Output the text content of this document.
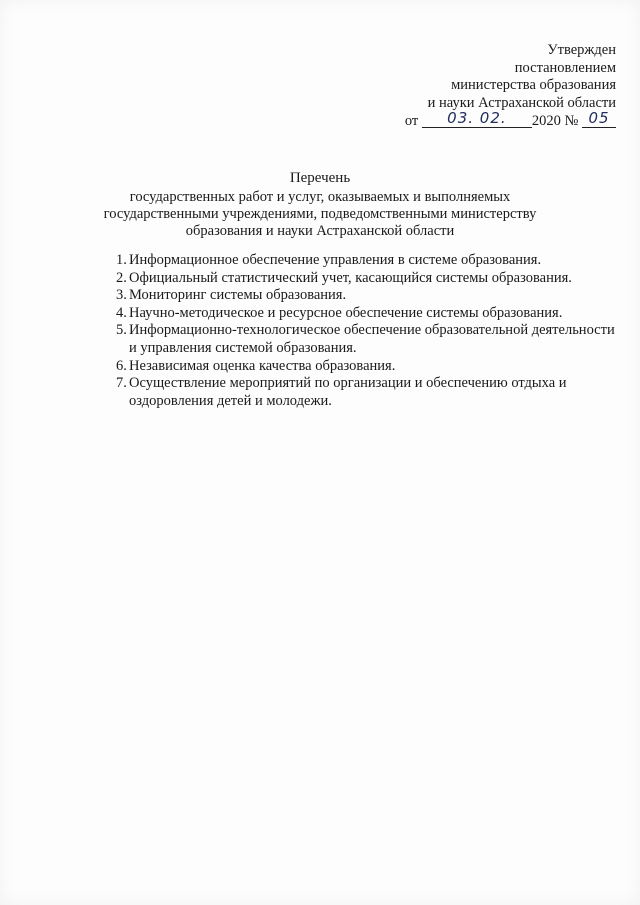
Утвержден
постановлением
министерства образования
и науки Астраханской области
от 03. 02. 2020 № 05
Перечень
государственных работ и услуг, оказываемых и выполняемых
государственными учреждениями, подведомственными министерству
образования и науки Астраханской области
1. Информационное обеспечение управления в системе образования.
2. Официальный статистический учет, касающийся системы образования.
3. Мониторинг системы образования.
4. Научно-методическое и ресурсное обеспечение системы образования.
5. Информационно-технологическое обеспечение образовательной деятельности и управления системой образования.
6. Независимая оценка качества образования.
7. Осуществление мероприятий по организации и обеспечению отдыха и оздоровления детей и молодежи.
